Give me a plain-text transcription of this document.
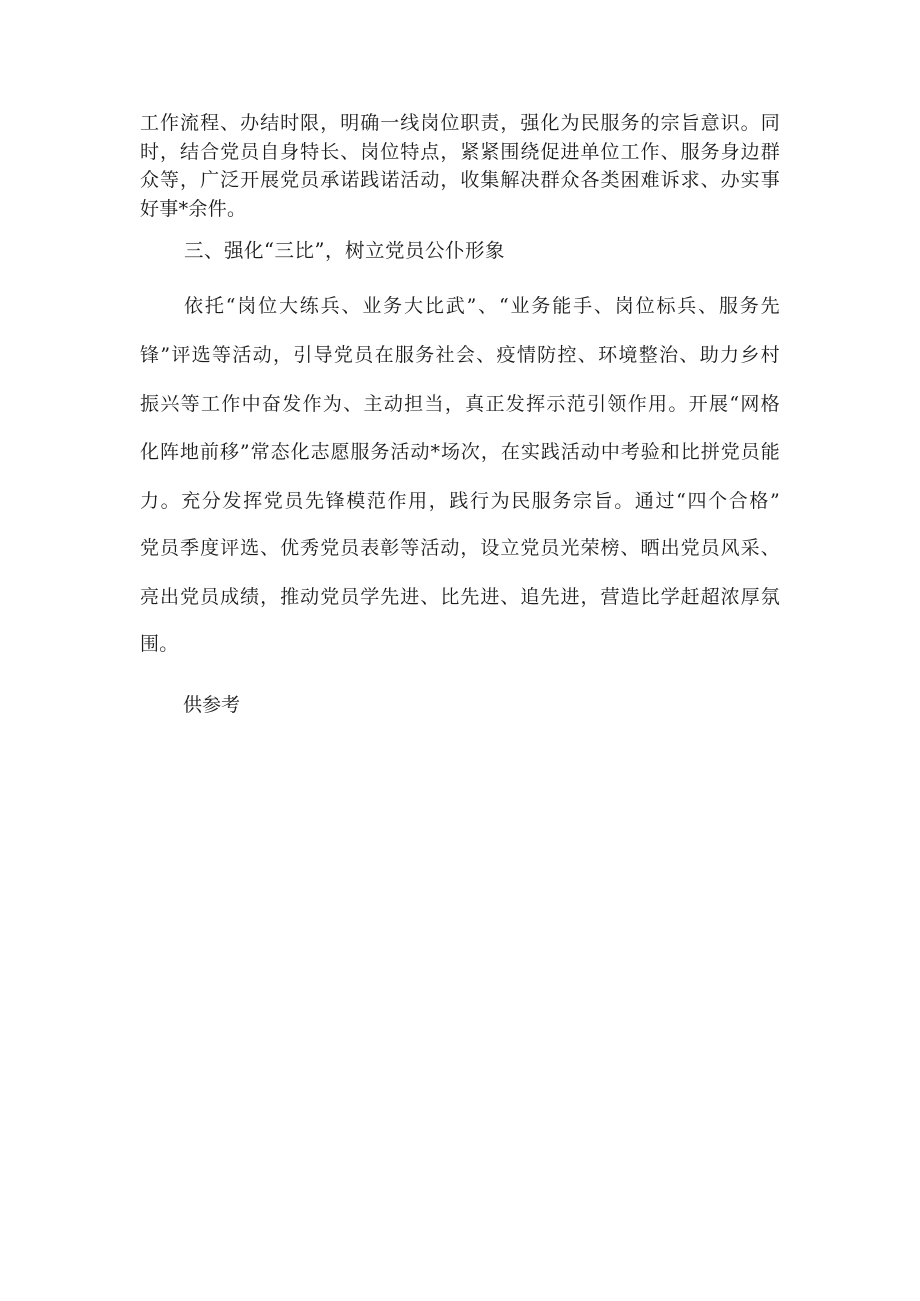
工作流程、办结时限，明确一线岗位职责，强化为民服务的宗旨意识。同
时，结合党员自身特长、岗位特点，紧紧围绕促进单位工作、服务身边群
众等，广泛开展党员承诺践诺活动，收集解决群众各类困难诉求、办实事
好事*余件。
三、强化“三比”，树立党员公仆形象
依托“岗位大练兵、业务大比武”、“业务能手、岗位标兵、服务先
锋”评选等活动，引导党员在服务社会、疫情防控、环境整治、助力乡村
振兴等工作中奋发作为、主动担当，真正发挥示范引领作用。开展“网格
化阵地前移”常态化志愿服务活动*场次，在实践活动中考验和比拼党员能
力。充分发挥党员先锋模范作用，践行为民服务宗旨。通过“四个合格”
党员季度评选、优秀党员表彰等活动，设立党员光荣榜、晒出党员风采、
亮出党员成绩，推动党员学先进、比先进、追先进，营造比学赶超浓厚氛
围。
供参考
